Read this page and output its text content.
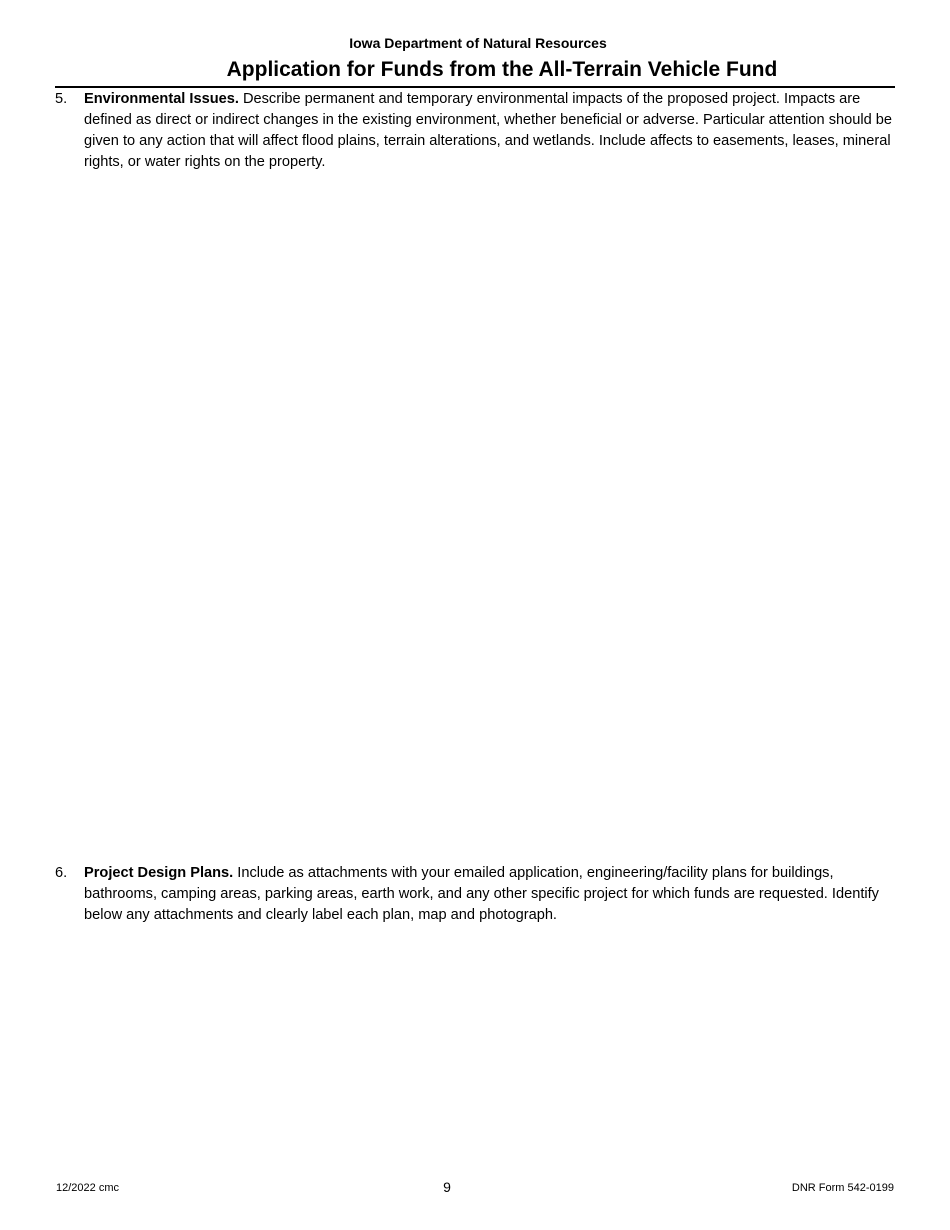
Iowa Department of Natural Resources
Application for Funds from the All-Terrain Vehicle Fund
5.	Environmental Issues. Describe permanent and temporary environmental impacts of the proposed project. Impacts are defined as direct or indirect changes in the existing environment, whether beneficial or adverse. Particular attention should be given to any action that will affect flood plains, terrain alterations, and wetlands. Include affects to easements, leases, mineral rights, or water rights on the property.
6.	Project Design Plans. Include as attachments with your emailed application, engineering/facility plans for buildings, bathrooms, camping areas, parking areas, earth work, and any other specific project for which funds are requested. Identify below any attachments and clearly label each plan, map and photograph.
12/2022 cmc	9	DNR Form 542-0199
